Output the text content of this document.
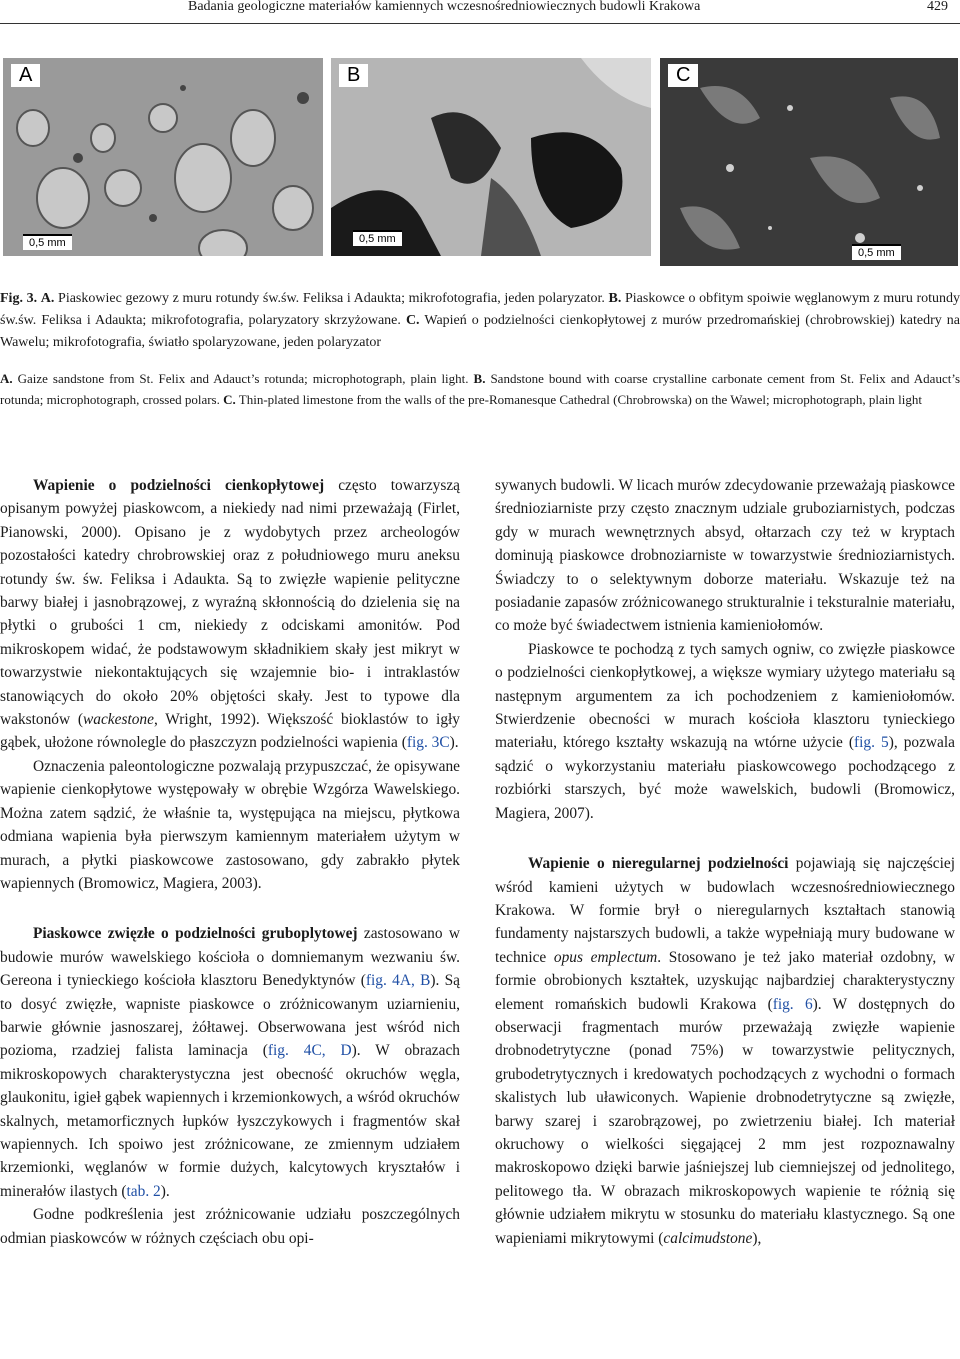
Badania geologiczne materiałów kamiennych wczesnośredniowiecznych budowli Krakowa	429
A
0,5 mm
B
0,5 mm
C
0,5 mm
Fig. 3. A. Piaskowiec gezowy z muru rotundy św.św. Feliksa i Adaukta; mikrofotografia, jeden polaryzator. B. Piaskowce o obfitym spoiwie węglanowym z muru rotundy św.św. Feliksa i Adaukta; mikrofotografia, polaryzatory skrzyżowane. C. Wapień o podzielności cienkopłytowej z murów przedromańskiej (chrobrowskiej) katedry na Wawelu; mikrofotografia, światło spolaryzowane, jeden polaryzator
A. Gaize sandstone from St. Felix and Adauct’s rotunda; microphotograph, plain light. B. Sandstone bound with coarse crystalline carbonate cement from St. Felix and Adauct’s rotunda; microphotograph, crossed polars. C. Thin-plated limestone from the walls of the pre-Romanesque Cathedral (Chrobrowska) on the Wawel; microphotograph, plain light

Wapienie o podzielności cienkopłytowej często towarzyszą opisanym powyżej piaskowcom, a niekiedy nad nimi przeważają (Firlet, Pianowski, 2000). Opisano je z wydobytych przez archeologów pozostałości katedry chrobrowskiej oraz z południowego muru aneksu rotundy św. św. Feliksa i Adaukta. Są to zwięzłe wapienie pelityczne barwy białej i jasnobrązowej, z wyraźną skłonnością do dzielenia się na płytki o grubości 1 cm, niekiedy z odciskami amonitów. Pod mikroskopem widać, że podstawowym składnikiem skały jest mikryt w towarzystwie niekontaktujących się wzajemnie bio- i intraklastów stanowiących do około 20% objętości skały. Jest to typowe dla wakstonów (wackestone, Wright, 1992). Większość bioklastów to igły gąbek, ułożone równolegle do płaszczyzn podzielności wapienia (fig. 3C).

Oznaczenia paleontologiczne pozwalają przypuszczać, że opisywane wapienie cienkopłytowe występowały w obrębie Wzgórza Wawelskiego. Można zatem sądzić, że właśnie ta, występująca na miejscu, płytkowa odmiana wapienia była pierwszym kamiennym materiałem użytym w murach, a płytki piaskowcowe zastosowano, gdy zabrakło płytek wapiennych (Bromowicz, Magiera, 2003).

Piaskowce zwięzłe o podzielności gruboplytowej zastosowano w budowie murów wawelskiego kościoła o domniemanym wezwaniu św. Gereona i tynieckiego kościoła klasztoru Benedyktynów (fig. 4A, B). Są to dosyć zwięzłe, wapniste piaskowce o zróżnicowanym uziarnieniu, barwie głównie jasnoszarej, żółtawej. Obserwowana jest wśród nich pozioma, rzadziej falista laminacja (fig. 4C, D). W obrazach mikroskopowych charakterystyczna jest obecność okruchów węgla, glaukonitu, igieł gąbek wapiennych i krzemionkowych, a wśród okruchów skalnych, metamorficznych łupków łyszczykowych i fragmentów skał wapiennych. Ich spoiwo jest zróżnicowane, ze zmiennym udziałem krzemionki, węglanów w formie dużych, kalcytowych kryształów i minerałów ilastych (tab. 2).

Godne podkreślenia jest zróżnicowanie udziału poszczególnych odmian piaskowców w różnych częściach obu opi-

sywanych budowli. W licach murów zdecydowanie przeważają piaskowce średnioziarniste przy często znacznym udziale gruboziarnistych, podczas gdy w murach wewnętrznych absyd, ołtarzach czy też w kryptach dominują piaskowce drobnoziarniste w towarzystwie średnioziarnistych. Świadczy to o selektywnym doborze materiału. Wskazuje też na posiadanie zapasów zróżnicowanego strukturalnie i teksturalnie materiału, co może być świadectwem istnienia kamieniołomów.

Piaskowce te pochodzą z tych samych ogniw, co zwięzłe piaskowce o podzielności cienkopłytkowej, a większe wymiary użytego materiału są następnym argumentem za ich pochodzeniem z kamieniołomów. Stwierdzenie obecności w murach kościoła klasztoru tynieckiego materiału, którego kształty wskazują na wtórne użycie (fig. 5), pozwala sądzić o wykorzystaniu materiału piaskowcowego pochodzącego z rozbiórki starszych, być może wawelskich, budowli (Bromowicz, Magiera, 2007).

Wapienie o nieregularnej podzielności pojawiają się najczęściej wśród kamieni użytych w budowlach wczesnośredniowiecznego Krakowa. W formie brył o nieregularnych kształtach stanowią fundamenty najstarszych budowli, a także wypełniają mury budowane w technice opus emplectum. Stosowano je też jako materiał ozdobny, w formie obrobionych kształtek, uzyskując najbardziej charakterystyczny element romańskich budowli Krakowa (fig. 6). W dostępnych do obserwacji fragmentach murów przeważają zwięzłe wapienie drobnodetrytyczne (ponad 75%) w towarzystwie pelitycznych, grubodetrytycznych i kredowatych pochodzących z wychodni o formach skalistych lub uławiconych. Wapienie drobnodetrytyczne są zwięzłe, barwy szarej i szarobrązowej, po zwietrzeniu białej. Ich materiał okruchowy o wielkości sięgającej 2 mm jest rozpoznawalny makroskopowo dzięki barwie jaśniejszej lub ciemniejszej od jednolitego, pelitowego tła. W obrazach mikroskopowych wapienie te różnią się głównie udziałem mikrytu w stosunku do materiału klastycznego. Są one wapieniami mikrytowymi (calcimudstone),
